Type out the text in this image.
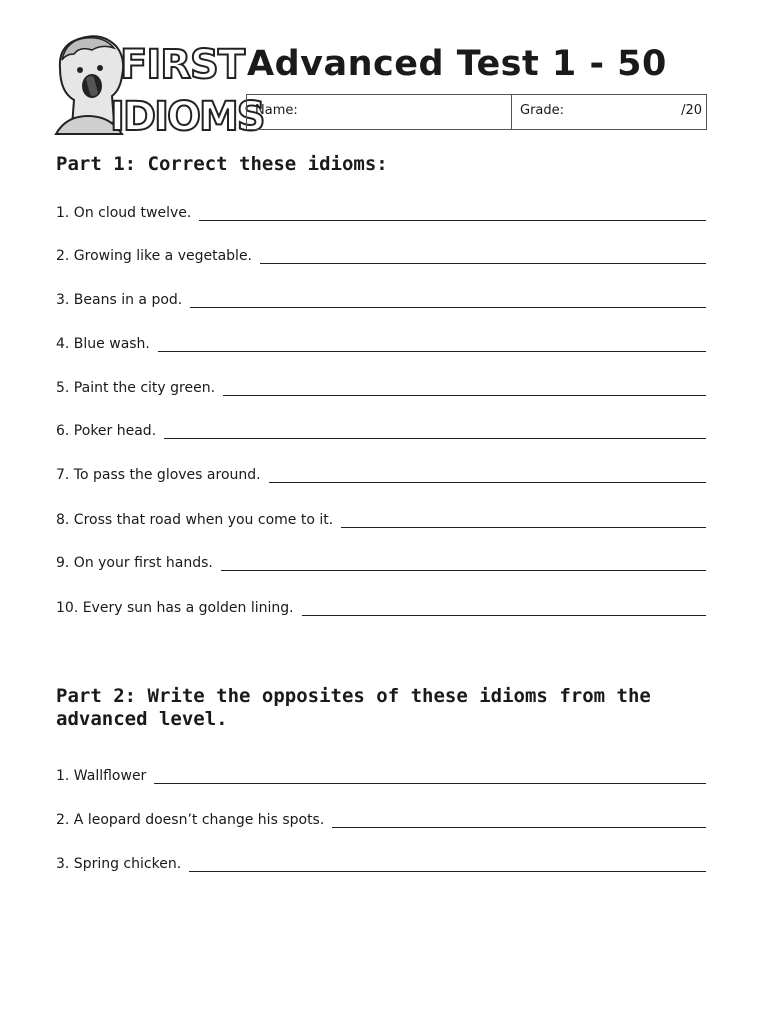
FIRST
IDIOMS
Advanced Test 1 - 50
Name:	Grade:	/20
Part 1: Correct these idioms:
1. On cloud twelve.
2. Growing like a vegetable.
3. Beans in a pod.
4. Blue wash.
5. Paint the city green.
6. Poker head.
7. To pass the gloves around.
8. Cross that road when you come to it.
9. On your first hands.
10. Every sun has a golden lining.
Part 2: Write the opposites of these idioms from the
advanced level.
1. Wallflower
2. A leopard doesn’t change his spots.
3. Spring chicken.
